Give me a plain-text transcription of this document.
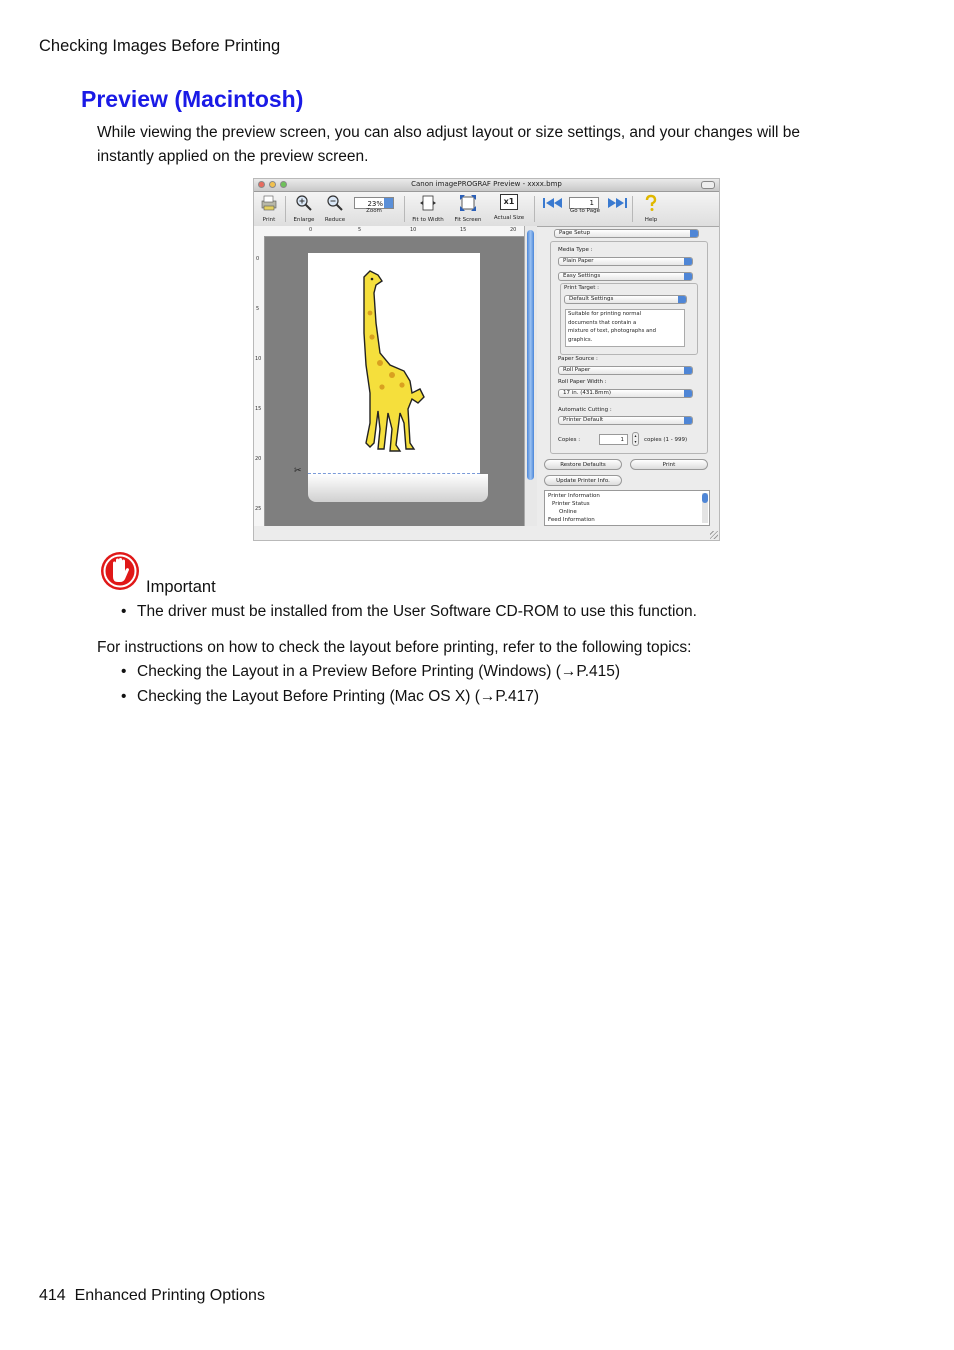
Checking Images Before Printing
Preview (Macintosh)
While viewing the preview screen, you can also adjust layout or size settings, and your changes will be
instantly applied on the preview screen.
Canon imagePROGRAF Preview - xxxx.bmp
Print	Enlarge	Reduce
23%
Zoom
Fit to Width	Fit Screen
x1
Actual Size
1
Go to Page
Help
0	5	10	15	20
0
5
10
15
20
25
✂
Page Setup
Media Type :
Plain Paper
Easy Settings
Print Target :
Default Settings
Suitable for printing normal
documents that contain a
mixture of text, photographs and
graphics.
Paper Source :
Roll Paper
Roll Paper Width :
17 in. (431.8mm)
Automatic Cutting :
Printer Default
Copies :	1
▴
▾	copies (1 - 999)
Restore Defaults	Print
Update Printer Info.
Printer Information
Printer Status
Online
Feed Information
Important
• The driver must be installed from the User Software CD-ROM to use this function.
For instructions on how to check the layout before printing, refer to the following topics:
• Checking the Layout in a Preview Before Printing (Windows) (→P.415)
• Checking the Layout Before Printing (Mac OS X) (→P.417)
414 Enhanced Printing Options
